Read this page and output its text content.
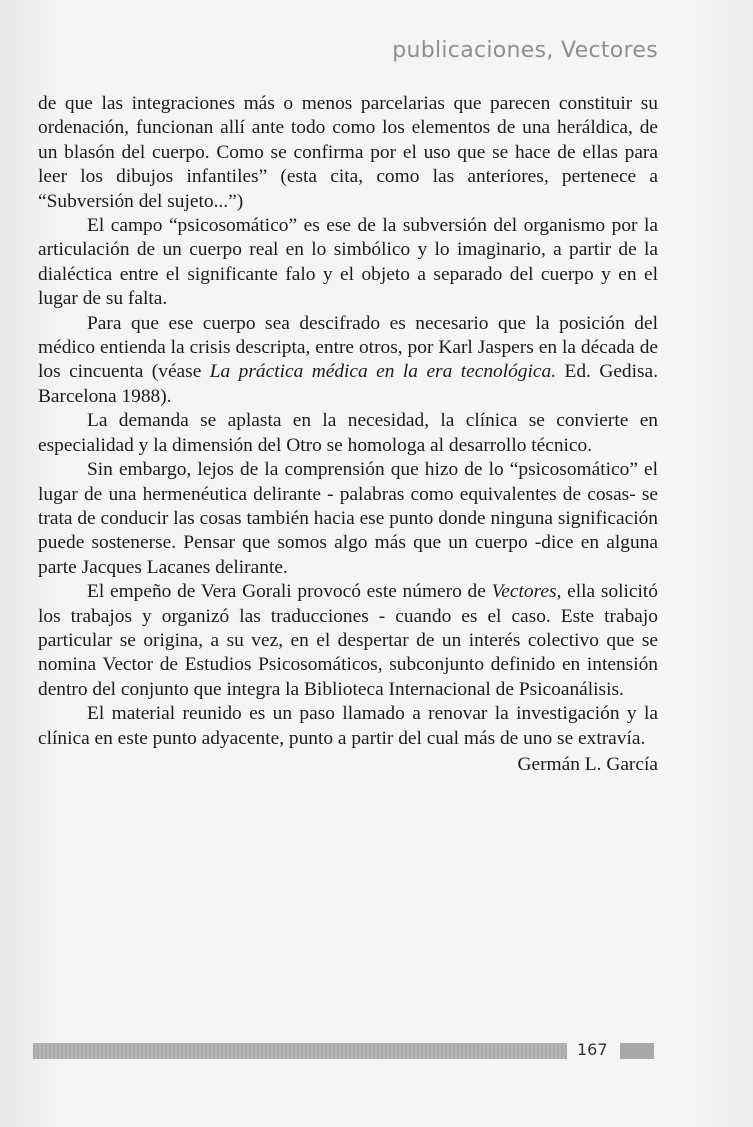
publicaciones, Vectores

de que las integraciones más o menos parcelarias que parecen constituir su ordenación, funcionan allí ante todo como los elementos de una heráldica, de un blasón del cuerpo. Como se confirma por el uso que se hace de ellas para leer los dibujos infantiles” (esta cita, como las anteriores, pertenece a “Subversión del sujeto...”)

El campo “psicosomático” es ese de la subversión del organismo por la articulación de un cuerpo real en lo simbólico y lo imaginario, a partir de la dialéctica entre el significante falo y el objeto a separado del cuerpo y en el lugar de su falta.

Para que ese cuerpo sea descifrado es necesario que la posición del médico entienda la crisis descripta, entre otros, por Karl Jaspers en la década de los cincuenta (véase La práctica médica en la era tecnológica. Ed. Gedisa. Barcelona 1988).

La demanda se aplasta en la necesidad, la clínica se convierte en especialidad y la dimensión del Otro se homologa al desarrollo técnico.

Sin embargo, lejos de la comprensión que hizo de lo “psicosomático” el lugar de una hermenéutica delirante - palabras como equivalentes de cosas- se trata de conducir las cosas también hacia ese punto donde ninguna significación puede sostenerse. Pensar que somos algo más que un cuerpo -dice en alguna parte Jacques Lacanes delirante.

El empeño de Vera Gorali provocó este número de Vectores, ella solicitó los trabajos y organizó las traducciones - cuando es el caso. Este trabajo particular se origina, a su vez, en el despertar de un interés colectivo que se nomina Vector de Estudios Psicosomáticos, subconjunto definido en intensión dentro del conjunto que integra la Biblioteca Internacional de Psicoanálisis.

El material reunido es un paso llamado a renovar la investigación y la clínica en este punto adyacente, punto a partir del cual más de uno se extravía.

Germán L. García
167
